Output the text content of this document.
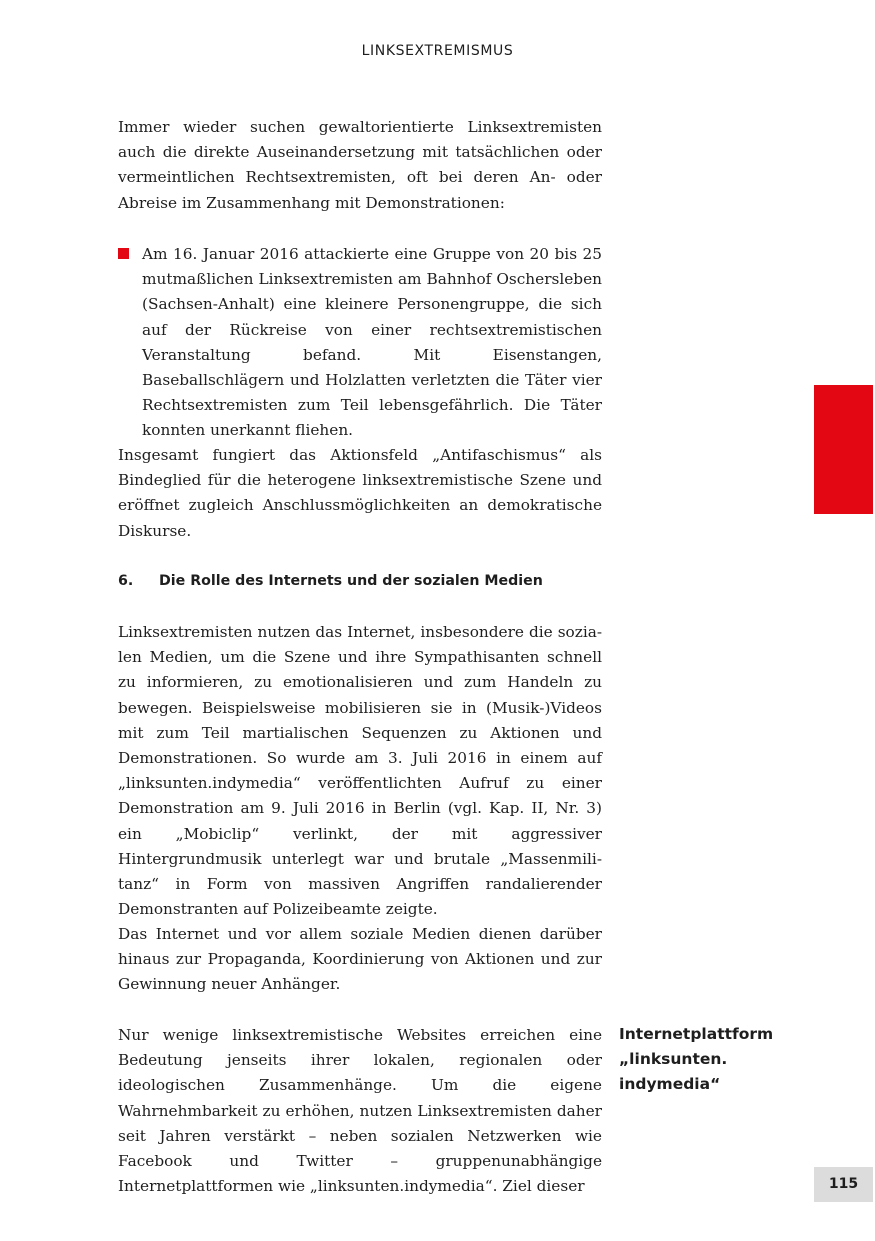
LINKSEXTREMISMUS

Immer wieder suchen gewaltorientierte Linksextremisten auch die direkte Auseinandersetzung mit tatsächlichen oder vermeintlichen Rechtsextremisten, oft bei deren An- oder Abreise im Zusammenhang mit Demonstrationen:

Am 16. Januar 2016 attackierte eine Gruppe von 20 bis 25 mutmaßlichen Linksextremisten am Bahnhof Oschersleben (Sachsen-Anhalt) eine kleinere Personengruppe, die sich auf der Rückreise von einer rechtsextremistischen Veranstaltung befand. Mit Eisenstangen, Baseballschlägern und Holzlatten verletzten die Täter vier Rechtsextremisten zum Teil lebensgefährlich. Die Täter konnten unerkannt fliehen.

Insgesamt fungiert das Aktionsfeld „Antifaschismus“ als Bindeglied für die heterogene linksextremistische Szene und eröffnet zugleich Anschlussmöglichkeiten an demokratische Diskurse.

6. Die Rolle des Internets und der sozialen Medien

Linksextremisten nutzen das Internet, insbesondere die sozialen Medien, um die Szene und ihre Sympathisanten schnell zu informieren, zu emotionalisieren und zum Handeln zu bewegen. Beispielsweise mobilisieren sie in (Musik-)Videos mit zum Teil martialischen Sequenzen zu Aktionen und Demonstrationen. So wurde am 3. Juli 2016 in einem auf „linksunten.indymedia“ veröffentlichten Aufruf zu einer Demonstration am 9. Juli 2016 in Berlin (vgl. Kap. II, Nr. 3) ein „Mobiclip“ verlinkt, der mit aggressiver Hintergrundmusik unterlegt war und brutale „Massenmilitanz“ in Form von massiven Angriffen randalierender Demonstranten auf Polizeibeamte zeigte.

Das Internet und vor allem soziale Medien dienen darüber hinaus zur Propaganda, Koordinierung von Aktionen und zur Gewinnung neuer Anhänger.

Nur wenige linksextremistische Websites erreichen eine Bedeutung jenseits ihrer lokalen, regionalen oder ideologischen Zusammenhänge. Um die eigene Wahrnehmbarkeit zu erhöhen, nutzen Linksextremisten daher seit Jahren verstärkt – neben sozialen Netzwerken wie Facebook und Twitter – gruppenunabhängige Internetplattformen wie „linksunten.indymedia“. Ziel dieser

Internetplattform
„linksunten.
indymedia“
115
